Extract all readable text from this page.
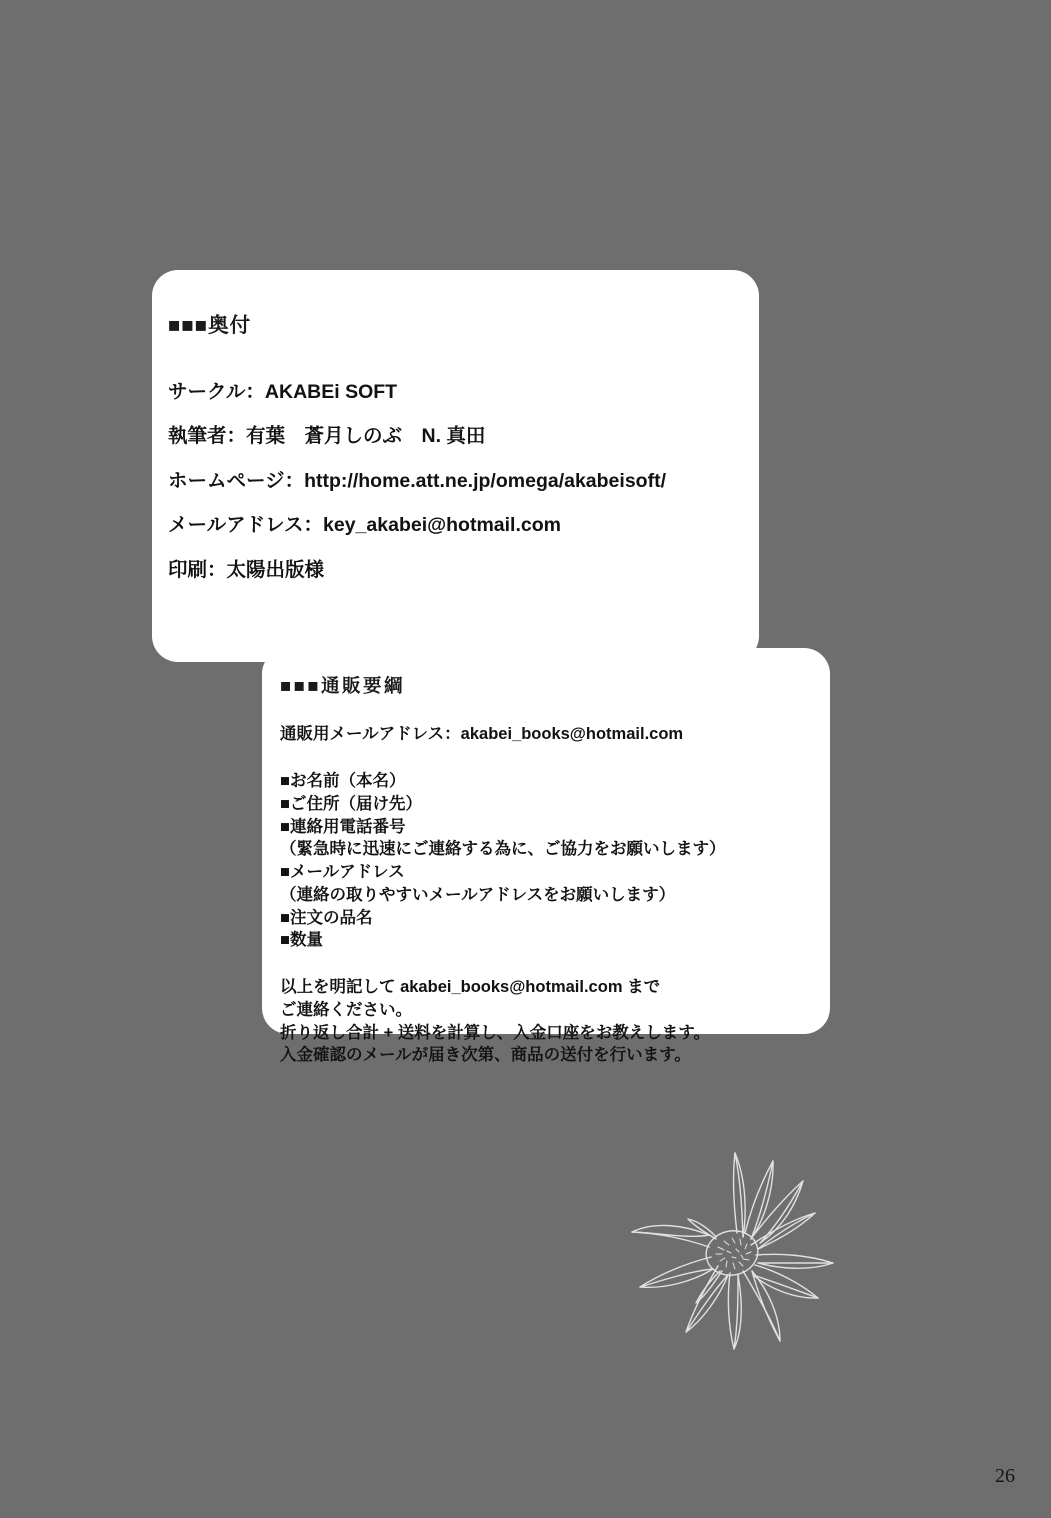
■■■奥付
サークル：AKABEi SOFT
執筆者：有葉　蒼月しのぶ　N. 真田
ホームページ：http://home.att.ne.jp/omega/akabeisoft/
メールアドレス：key_akabei@hotmail.com
印刷：太陽出版様
■■■通販要綱
通販用メールアドレス：akabei_books@hotmail.com
■お名前（本名）
■ご住所（届け先）
■連絡用電話番号
（緊急時に迅速にご連絡する為に、ご協力をお願いします）
■メールアドレス
（連絡の取りやすいメールアドレスをお願いします）
■注文の品名
■数量
以上を明記して akabei_books@hotmail.com まで
ご連絡ください。
折り返し合計 + 送料を計算し、入金口座をお教えします。
入金確認のメールが届き次第、商品の送付を行います。
26
